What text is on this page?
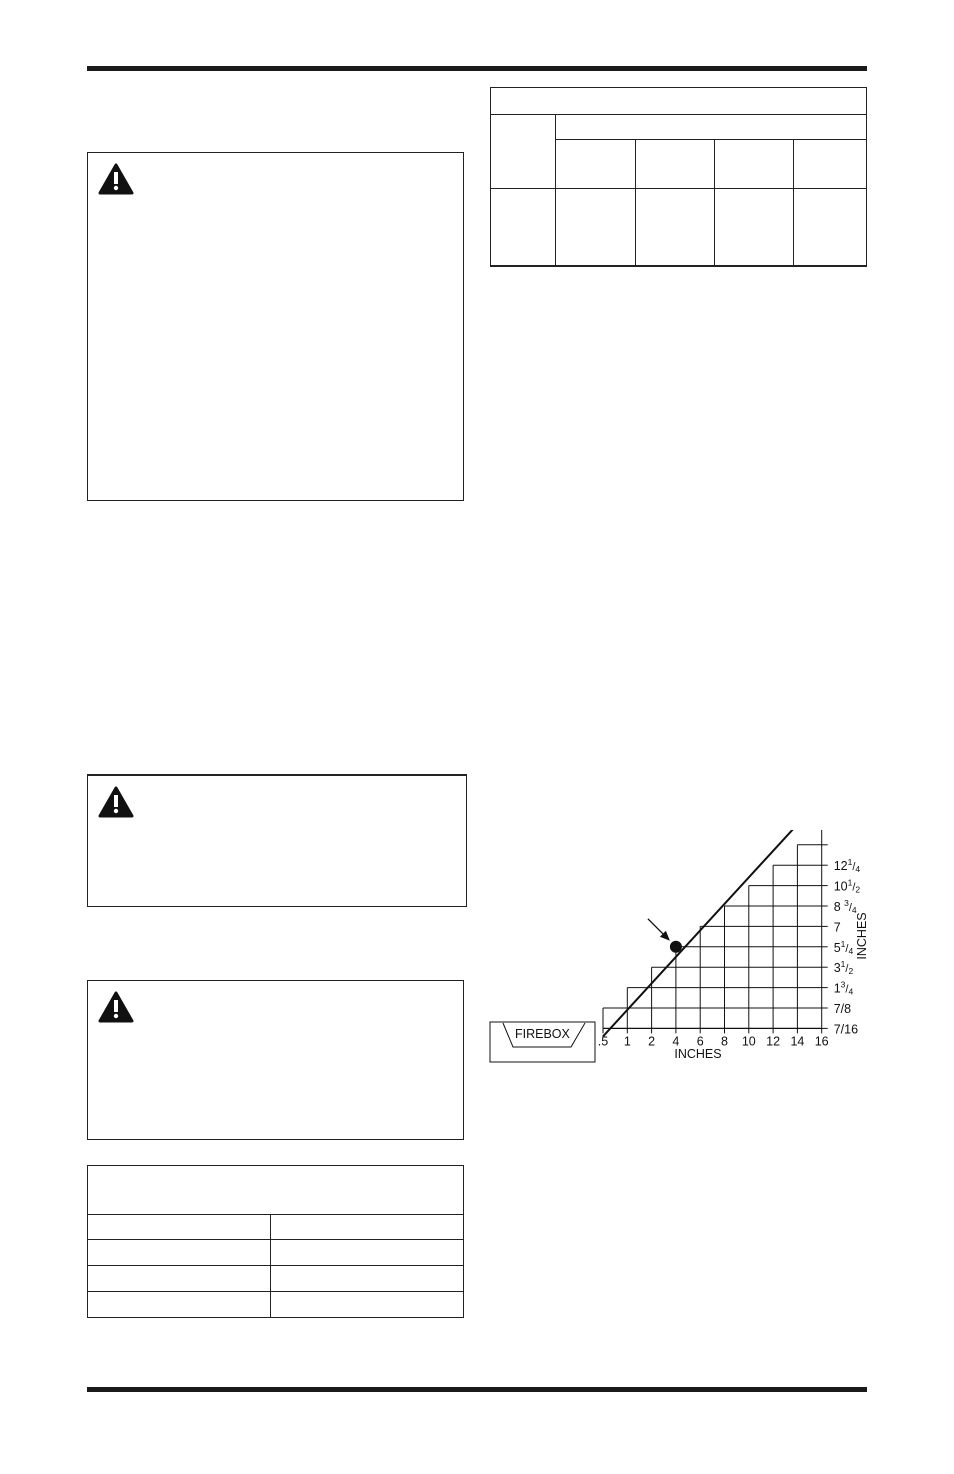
FIREBOX
INCHES
INCHES
.5 1 2 4 6 8 10 12 14 16
7/16
7/8
$1^3/4$
$3^1/2$
$5^1/4$
7
8 $^3$/4
$10^1/2$
$12^1/4$
